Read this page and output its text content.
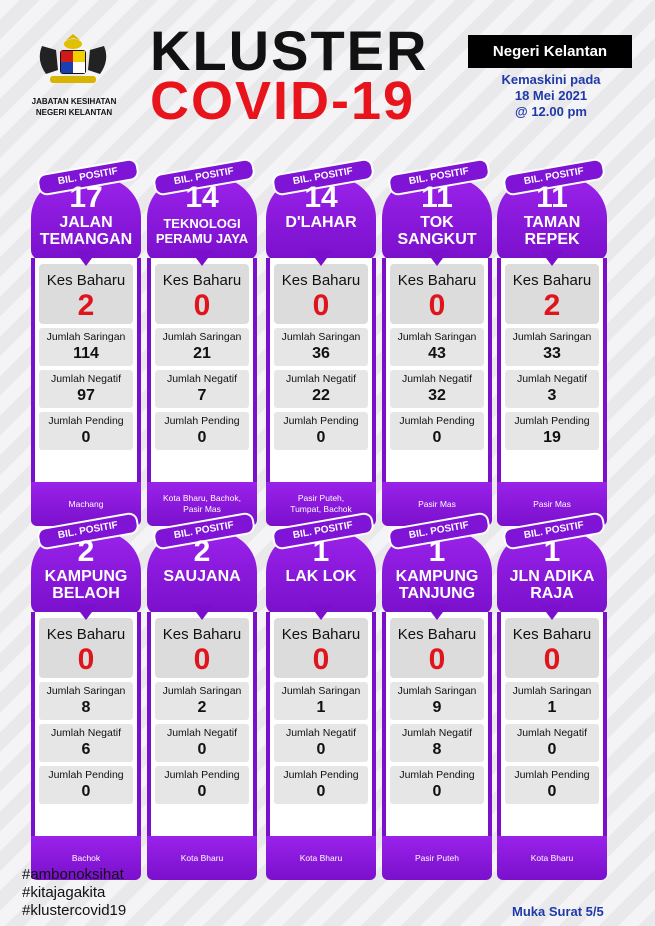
JABATAN KESIHATAN
NEGERI KELANTAN
KLUSTER
COVID-19
Negeri Kelantan
Kemaskini pada
18 Mei 2021
@ 12.00 pm
BIL. POSITIF
17
JALAN
TEMANGAN
Kes Baharu
2
Jumlah Saringan
114
Jumlah Negatif
97
Jumlah Pending
0
Machang
BIL. POSITIF
14
TEKNOLOGI
PERAMU JAYA
Kes Baharu
0
Jumlah Saringan
21
Jumlah Negatif
7
Jumlah Pending
0
Kota Bharu, Bachok,
Pasir Mas
BIL. POSITIF
14
D'LAHAR
Kes Baharu
0
Jumlah Saringan
36
Jumlah Negatif
22
Jumlah Pending
0
Pasir Puteh,
Tumpat, Bachok
BIL. POSITIF
11
TOK
SANGKUT
Kes Baharu
0
Jumlah Saringan
43
Jumlah Negatif
32
Jumlah Pending
0
Pasir Mas
BIL. POSITIF
11
TAMAN
REPEK
Kes Baharu
2
Jumlah Saringan
33
Jumlah Negatif
3
Jumlah Pending
19
Pasir Mas
BIL. POSITIF
2
KAMPUNG
BELAOH
Kes Baharu
0
Jumlah Saringan
8
Jumlah Negatif
6
Jumlah Pending
0
Bachok
BIL. POSITIF
2
SAUJANA
Kes Baharu
0
Jumlah Saringan
2
Jumlah Negatif
0
Jumlah Pending
0
Kota Bharu
BIL. POSITIF
1
LAK LOK
Kes Baharu
0
Jumlah Saringan
1
Jumlah Negatif
0
Jumlah Pending
0
Kota Bharu
BIL. POSITIF
1
KAMPUNG
TANJUNG
Kes Baharu
0
Jumlah Saringan
9
Jumlah Negatif
8
Jumlah Pending
0
Pasir Puteh
BIL. POSITIF
1
JLN ADIKA
RAJA
Kes Baharu
0
Jumlah Saringan
1
Jumlah Negatif
0
Jumlah Pending
0
Kota Bharu
#ambonoksihat
#kitajagakita
#klustercovid19	Muka Surat 5/5
